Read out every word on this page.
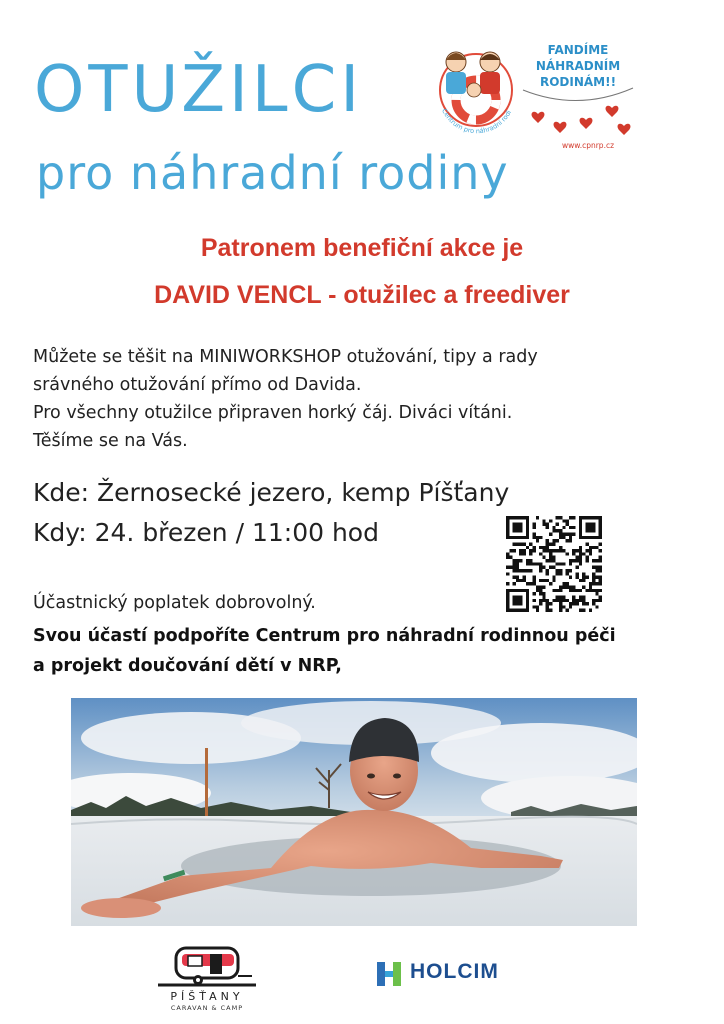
OTUŽILCI
pro náhradní rodiny
Centrum pro náhradní rodi
FANDÍME
NÁHRADNÍM
RODINÁM!!
www.cpnrp.cz
Patronem benefiční akce je
DAVID VENCL - otužilec a freediver
Můžete se těšit na MINIWORKSHOP otužování, tipy a rady
srávného otužování přímo od Davida.
Pro všechny otužilce připraven horký čáj. Diváci vítáni.
Těšíme se na Vás.
Kde: Žernosecké jezero, kemp Píšťany
Kdy: 24. březen / 11:00 hod
Účastnický poplatek dobrovolný.
Svou účastí podpoříte Centrum pro náhradní rodinnou péči
a projekt doučování dětí v NRP,
PÍŠŤANY
CARAVAN & CAMP
HOLCIM
